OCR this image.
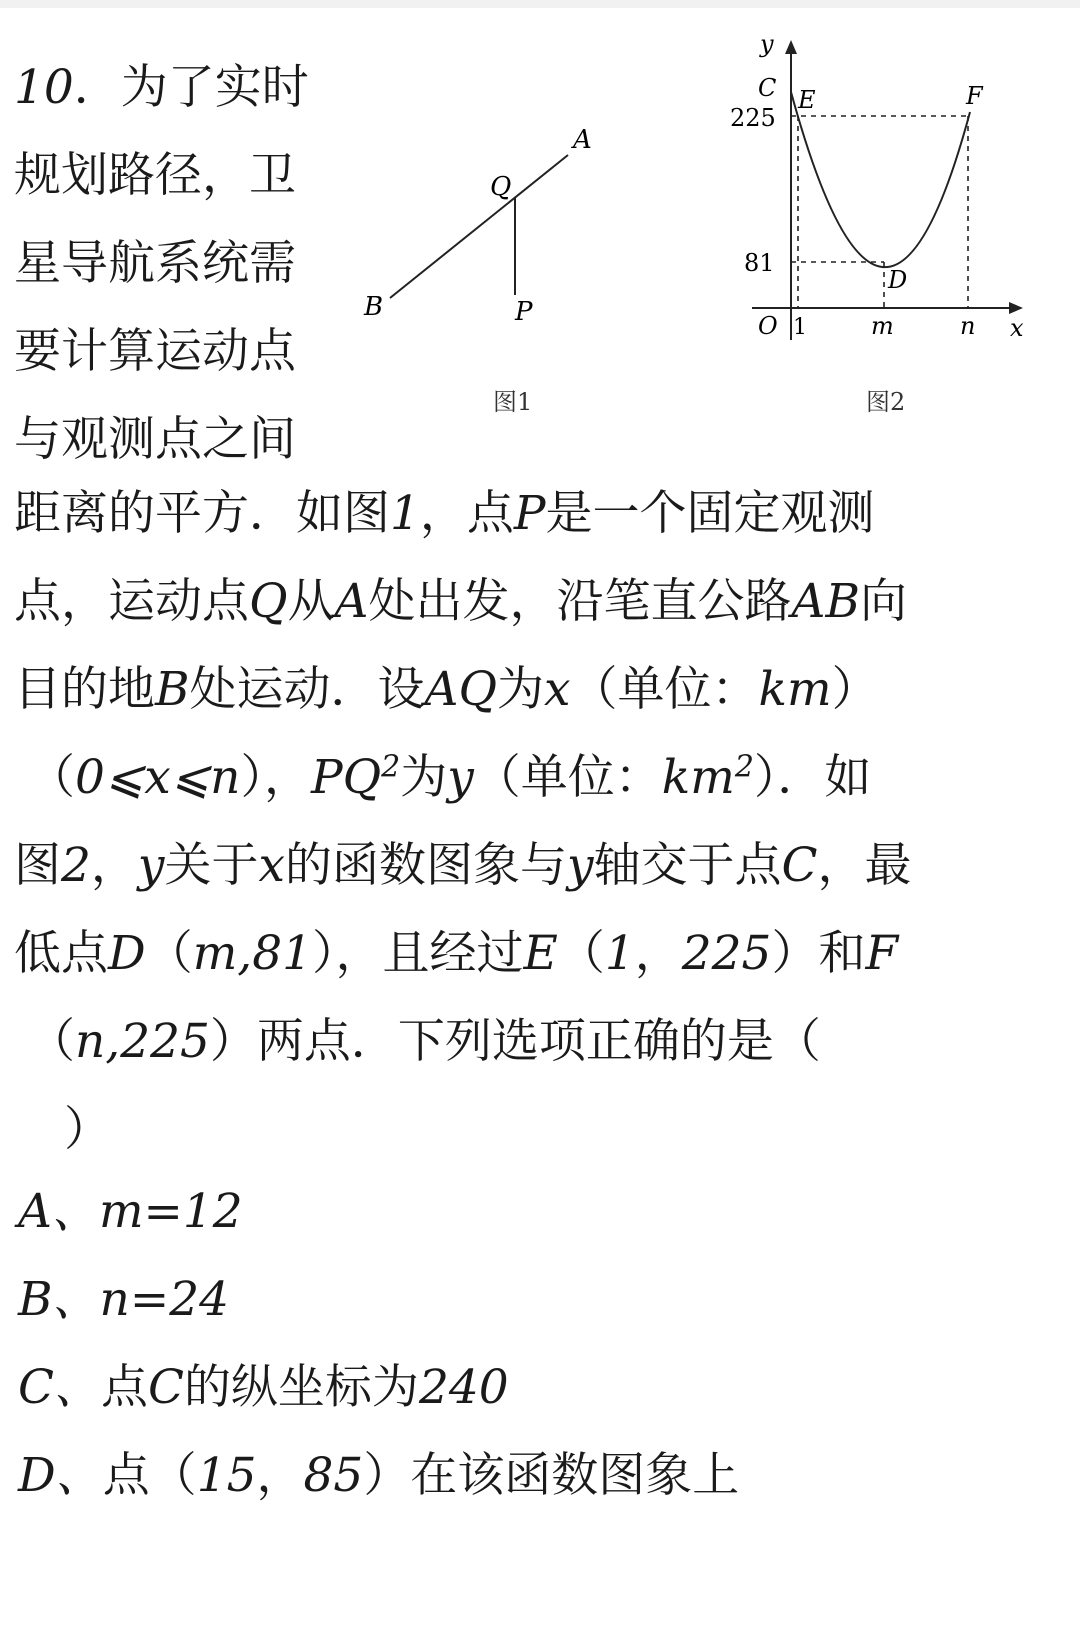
10．为了实时
规划路径，卫
星导航系统需
要计算运动点
与观测点之间
A
B
Q
P
图1
y
x
C E	F
D
225
81
O 1	m	n
图2
距离的平方．如图1，点P是一个固定观测
点，运动点Q从A处出发，沿笔直公路AB向
目的地B处运动．设AQ为x（单位：km）
（0⩽x⩽n），$PQ^2$为y（单位：$km^2$）．如
图2，y关于x的函数图象与y轴交于点C，最
低点D（m,81），且经过E（1，225）和F
（n,225）两点．下列选项正确的是（
）
A、m=12
B、n=24
C、点C的纵坐标为240
D、点（15，85）在该函数图象上
